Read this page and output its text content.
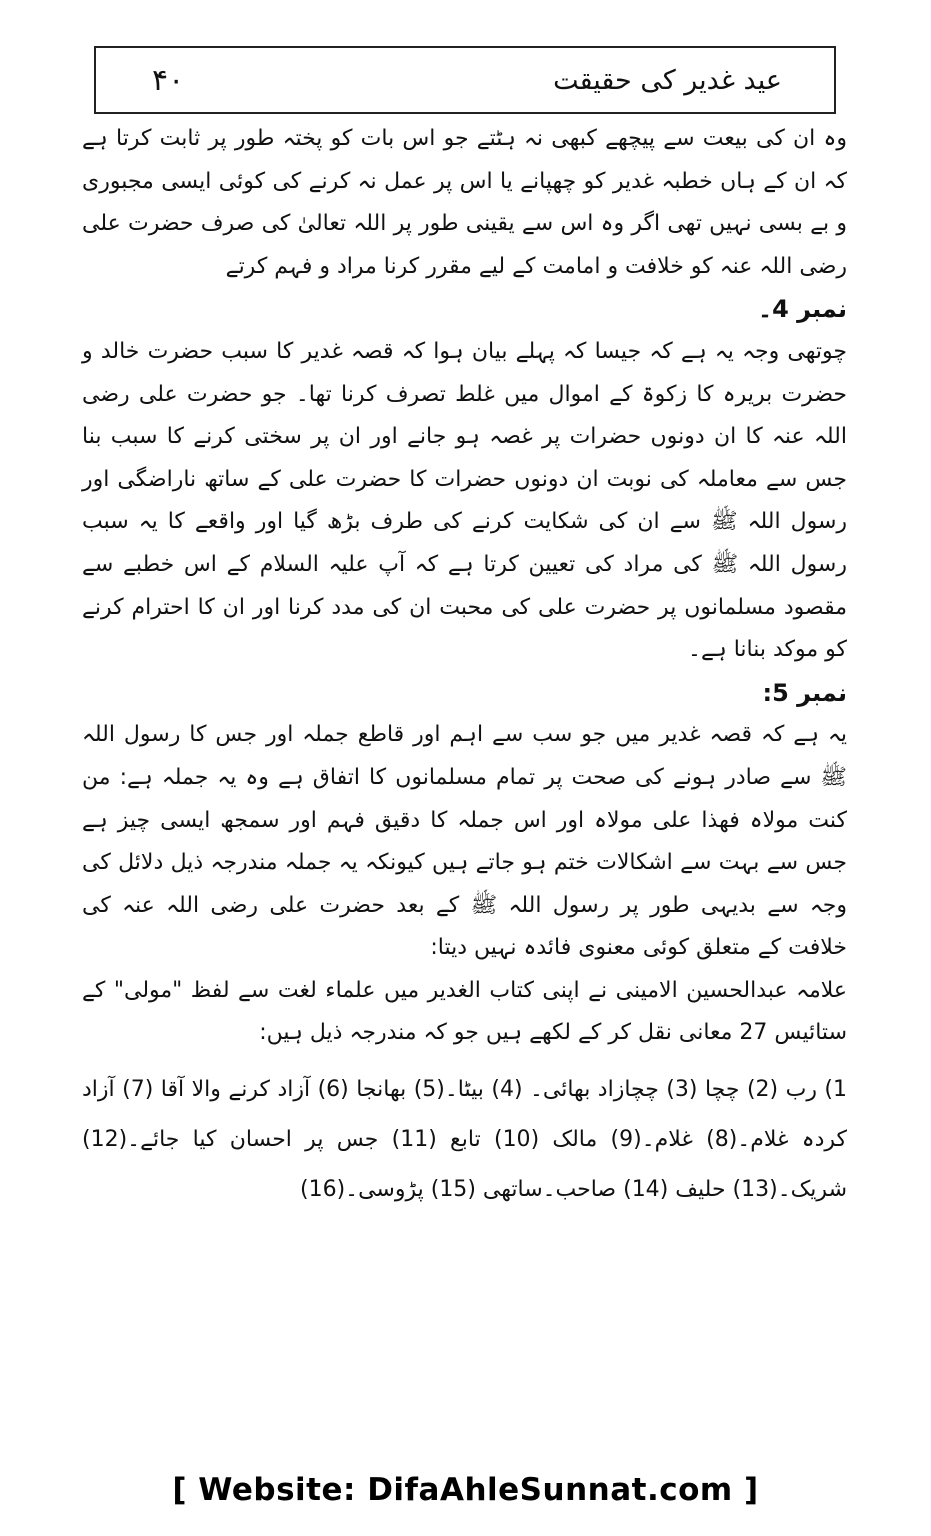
۴۰	عید غدیر کی حقیقت

وہ ان کی بیعت سے پیچھے کبھی نہ ہٹتے جو اس بات کو پختہ طور پر ثابت کرتا ہے کہ ان کے ہاں خطبہ غدیر کو چھپانے یا اس پر عمل نہ کرنے کی کوئی ایسی مجبوری و بے بسی نہیں تھی اگر وہ اس سے یقینی طور پر اللہ تعالیٰ کی صرف حضرت علی رضی اللہ عنہ کو خلافت و امامت کے لیے مقرر کرنا مراد و فہم کرتے

نمبر 4۔

چوتھی وجہ یہ ہے کہ جیسا کہ پہلے بیان ہوا کہ قصہ غدیر کا سبب حضرت خالد و حضرت بریرہ کا زکوۃ کے اموال میں غلط تصرف کرنا تھا۔ جو حضرت علی رضی اللہ عنہ کا ان دونوں حضرات پر غصہ ہو جانے اور ان پر سختی کرنے کا سبب بنا جس سے معاملہ کی نوبت ان دونوں حضرات کا حضرت علی کے ساتھ ناراضگی اور رسول اللہ ﷺ سے ان کی شکایت کرنے کی طرف بڑھ گیا اور واقعے کا یہ سبب رسول اللہ ﷺ کی مراد کی تعیین کرتا ہے کہ آپ علیہ السلام کے اس خطبے سے مقصود مسلمانوں پر حضرت علی کی محبت ان کی مدد کرنا اور ان کا احترام کرنے کو موکد بنانا ہے۔

نمبر 5:

یہ ہے کہ قصہ غدیر میں جو سب سے اہم اور قاطع جملہ اور جس کا رسول اللہ ﷺ سے صادر ہونے کی صحت پر تمام مسلمانوں کا اتفاق ہے وہ یہ جملہ ہے: من کنت مولاہ فھذا علی مولاہ اور اس جملہ کا دقیق فہم اور سمجھ ایسی چیز ہے جس سے بہت سے اشکالات ختم ہو جاتے ہیں کیونکہ یہ جملہ مندرجہ ذیل دلائل کی وجہ سے بدیہی طور پر رسول اللہ ﷺ کے بعد حضرت علی رضی اللہ عنہ کی خلافت کے متعلق کوئی معنوی فائدہ نہیں دیتا:

علامہ عبدالحسین الامینی نے اپنی کتاب الغدیر میں علماء لغت سے لفظ "مولی" کے ستائیس 27 معانی نقل کر کے لکھے ہیں جو کہ مندرجہ ذیل ہیں:

1) رب (2) چچا (3) چچازاد بھائی۔ (4) بیٹا۔(5) بھانجا (6) آزاد کرنے والا آقا (7) آزاد کردہ غلام۔(8) غلام۔(9) مالک (10) تابع (11) جس پر احسان کیا جائے۔(12) شریک۔(13) حلیف (14) صاحب۔ساتھی (15) پڑوسی۔(16)

[ Website: DifaAhleSunnat.com ]
